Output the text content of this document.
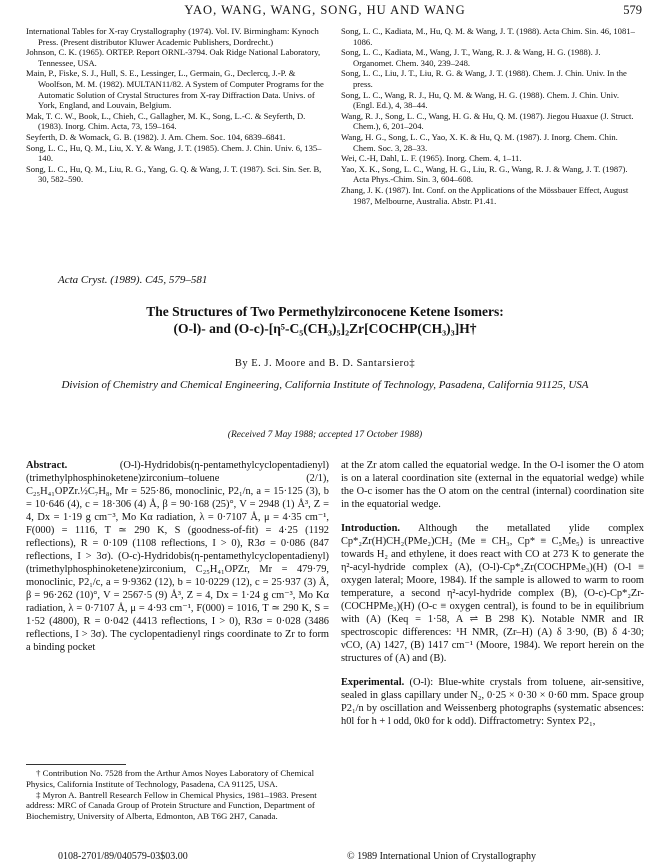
YAO, WANG, WANG, SONG, HU AND WANG	579

International Tables for X-ray Crystallography (1974). Vol. IV. Birmingham: Kynoch Press. (Present distributor Kluwer Academic Publishers, Dordrecht.)

Johnson, C. K. (1965). ORTEP. Report ORNL-3794. Oak Ridge National Laboratory, Tennessee, USA.

Main, P., Fiske, S. J., Hull, S. E., Lessinger, L., Germain, G., Declercq, J.-P. & Woolfson, M. M. (1982). MULTAN11/82. A System of Computer Programs for the Automatic Solution of Crystal Structures from X-ray Diffraction Data. Univs. of York, England, and Louvain, Belgium.

Mak, T. C. W., Book, L., Chieh, C., Gallagher, M. K., Song, L.-C. & Seyferth, D. (1983). Inorg. Chim. Acta, 73, 159–164.

Seyferth, D. & Womack, G. B. (1982). J. Am. Chem. Soc. 104, 6839–6841.

Song, L. C., Hu, Q. M., Liu, X. Y. & Wang, J. T. (1985). Chem. J. Chin. Univ. 6, 135–140.

Song, L. C., Hu, Q. M., Liu, R. G., Yang, G. Q. & Wang, J. T. (1987). Sci. Sin. Ser. B, 30, 582–590.

Song, L. C., Kadiata, M., Hu, Q. M. & Wang, J. T. (1988). Acta Chim. Sin. 46, 1081–1086.

Song, L. C., Kadiata, M., Wang, J. T., Wang, R. J. & Wang, H. G. (1988). J. Organomet. Chem. 340, 239–248.

Song, L. C., Liu, J. T., Liu, R. G. & Wang, J. T. (1988). Chem. J. Chin. Univ. In the press.

Song, L. C., Wang, R. J., Hu, Q. M. & Wang, H. G. (1988). Chem. J. Chin. Univ. (Engl. Ed.), 4, 38–44.

Wang, R. J., Song, L. C., Wang, H. G. & Hu, Q. M. (1987). Jiegou Huaxue (J. Struct. Chem.), 6, 201–204.

Wang, H. G., Song, L. C., Yao, X. K. & Hu, Q. M. (1987). J. Inorg. Chem. Chin. Chem. Soc. 3, 28–33.

Wei, C.-H, Dahl, L. F. (1965). Inorg. Chem. 4, 1–11.

Yao, X. K., Song, L. C., Wang, H. G., Liu, R. G., Wang, R. J. & Wang, J. T. (1987). Acta Phys.-Chim. Sin. 3, 604–608.

Zhang, J. K. (1987). Int. Conf. on the Applications of the Mössbauer Effect, August 1987, Melbourne, Australia. Abstr. P1.41.

Acta Cryst. (1989). C45, 579–581
The Structures of Two Permethylzirconocene Ketene Isomers:
(O-l)- and (O-c)-[η⁵-C₅(CH₃)₅]₂Zr[COCHP(CH₃)₃]H†
By E. J. Moore and B. D. Santarsiero‡
Division of Chemistry and Chemical Engineering, California Institute of Technology, Pasadena, California 91125, USA
(Received 7 May 1988; accepted 17 October 1988)

Abstract.	(O-l)-Hydridobis(η-pentamethylcyclopentadienyl)(trimethylphosphinoketene)zirconium–toluene (2/1), C₂₅H₄₁OPZr.½C₇H₈, Mr = 525·86, monoclinic, P2₁/n, a = 15·125 (3), b = 10·646 (4), c = 18·306 (4) Å, β = 90·168 (25)°, V = 2948 (1) Å³, Z = 4, Dx = 1·19 g cm⁻³, Mo Kα radiation, λ = 0·7107 Å, μ = 4·35 cm⁻¹, F(000) = 1116, T ≃ 290 K, S (goodness-of-fit) = 4·25 (1192 reflections), R = 0·109 (1108 reflections, I > 0), R3σ = 0·086 (847 reflections, I > 3σ). (O-c)-Hydridobis(η-pentamethylcyclopentadienyl)(trimethylphosphinoketene)zirconium, C₂₅H₄₁OPZr, Mr = 479·79, monoclinic, P2₁/c, a = 9·9362 (12), b = 10·0229 (12), c = 25·937 (3) Å, β = 96·262 (10)°, V = 2567·5 (9) Å³, Z = 4, Dx = 1·24 g cm⁻³, Mo Kα radiation, λ = 0·7107 Å, μ = 4·93 cm⁻¹, F(000) = 1016, T ≃ 290 K, S = 1·52 (4800), R = 0·042 (4413 reflections, I > 0), R3σ = 0·028 (3486 reflections, I > 3σ). The cyclopentadienyl rings coordinate to Zr to form a binding pocket

at the Zr atom called the equatorial wedge. In the O-l isomer the O atom is on a lateral coordination site (external in the equatorial wedge) while the O-c isomer has the O atom on the central (internal) coordination site in the equatorial wedge.

Introduction. Although the metallated ylide complex Cp*₂Zr(H)CH₂(PMe₂)CH₂ (Me ≡ CH₃, Cp* ≡ C₅Me₅) is unreactive towards H₂ and ethylene, it does react with CO at 273 K to generate the η²-acyl-hydride complex (A), (O-l)-Cp*₂Zr(COCHPMe₃)(H) (O-l ≡ oxygen lateral; Moore, 1984). If the sample is allowed to warm to room temperature, a second η²-acyl-hydride complex (B), (O-c)-Cp*₂Zr-(COCHPMe₃)(H) (O-c ≡ oxygen central), is found to be in equilibrium with (A) (Keq = 1·58, A ⇌ B 298 K). Notable NMR and IR spectroscopic differences: ¹H NMR, (Zr–H) (A) δ 3·90, (B) δ 4·30; νCO, (A) 1427, (B) 1417 cm⁻¹ (Moore, 1984). We report herein on the structures of (A) and (B).

Experimental. (O-l): Blue-white crystals from toluene, air-sensitive, sealed in glass capillary under N₂, 0·25 × 0·30 × 0·60 mm. Space group P2₁/n by oscillation and Weissenberg photographs (systematic absences: h0l for h + l odd, 0k0 for k odd). Diffractometry: Syntex P2₁,

† Contribution No. 7528 from the Arthur Amos Noyes Laboratory of Chemical Physics, California Institute of Technology, Pasadena, CA 91125, USA.

‡ Myron A. Bantrell Research Fellow in Chemical Physics, 1981–1983. Present address: MRC of Canada Group of Protein Structure and Function, Department of Biochemistry, University of Alberta, Edmonton, AB T6G 2H7, Canada.

0108-2701/89/040579-03$03.00	© 1989 International Union of Crystallography
